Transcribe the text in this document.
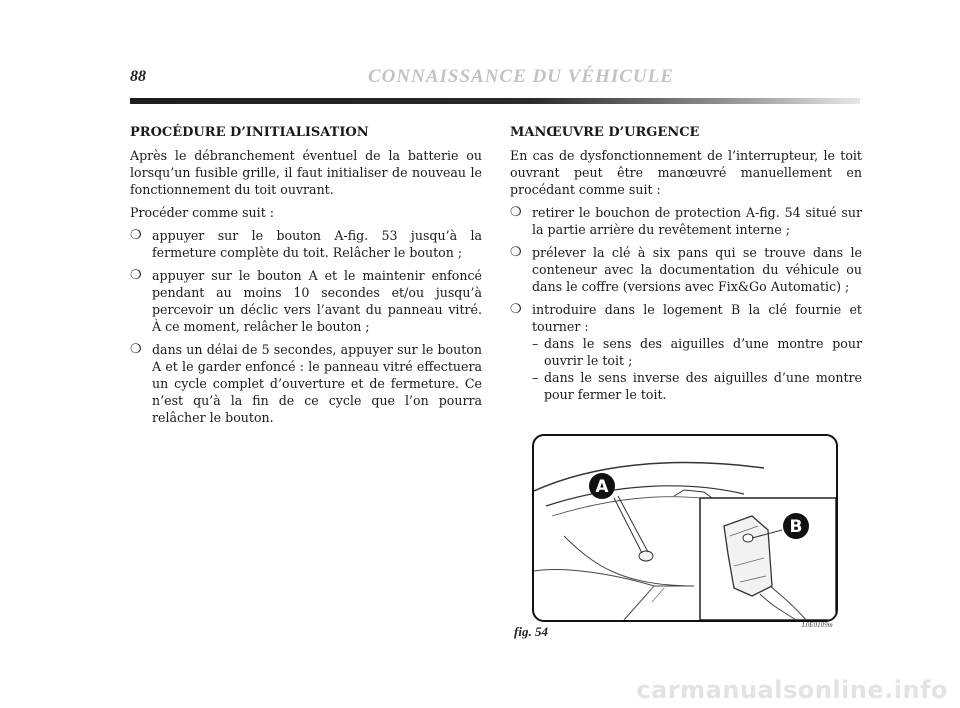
88	CONNAISSANCE DU VÉHICULE
PROCÉDURE D’INITIALISATION

Après le débranchement éventuel de la batterie ou lorsqu’un fusible grille, il faut initialiser de nouveau le fonctionnement du toit ouvrant.

Procéder comme suit :

❍ appuyer sur le bouton A-fig. 53 jusqu’à la fermeture complète du toit. Relâcher le bouton ;
❍ appuyer sur le bouton A et le maintenir enfoncé pendant au moins 10 secondes et/ou jusqu’à percevoir un déclic vers l’avant du panneau vitré. À ce moment, relâcher le bouton ;
❍ dans un délai de 5 secondes, appuyer sur le bouton A et le garder enfoncé : le panneau vitré effectuera un cycle complet d’ouverture et de fermeture. Ce n’est qu’à la fin de ce cycle que l’on pourra relâcher le bouton.
MANŒUVRE D’URGENCE

En cas de dysfonctionnement de l’interrupteur, le toit ouvrant peut être manœuvré manuellement en procédant comme suit :

❍ retirer le bouchon de protection A-fig. 54 situé sur la partie arrière du revêtement interne ;
❍ prélever la clé à six pans qui se trouve dans le conteneur avec la documentation du véhicule ou dans le coffre (versions avec Fix&Go Automatic) ;
❍ introduire dans le logement B la clé fournie et tourner :
– dans le sens des aiguilles d’une montre pour ouvrir le toit ;
– dans le sens inverse des aiguilles d’une montre pour fermer le toit.
A
B
fig. 54	L0E0109m
carmanualsonline.info
